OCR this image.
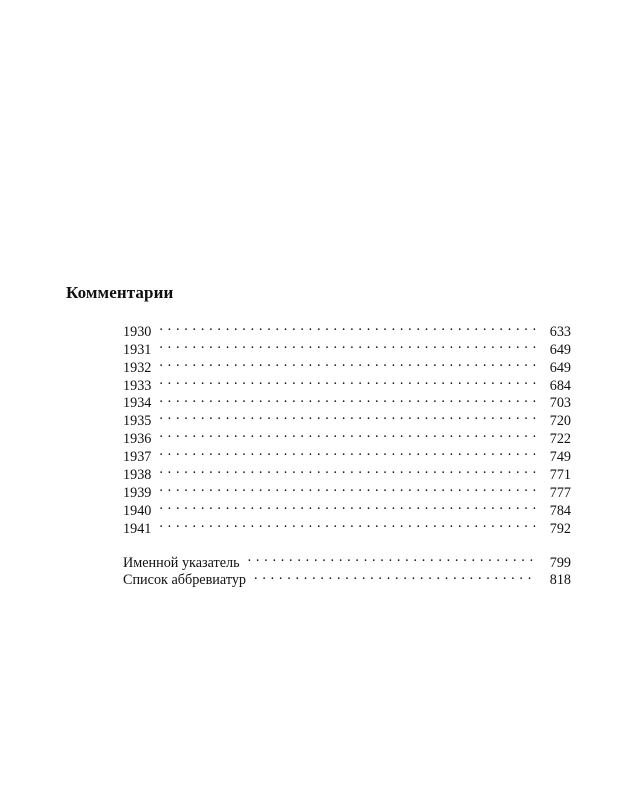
Комментарии
1930 . . .	633
1931 . . .	649
1932 . . .	649
1933 . . .	684
1934 . . .	703
1935 . . .	720
1936 . . .	722
1937 . . .	749
1938 . . .	771
1939 . . .	777
1940 . . .	784
1941 . . .	792
Именной указатель . . .	799
Список аббревиатур . . .	818
